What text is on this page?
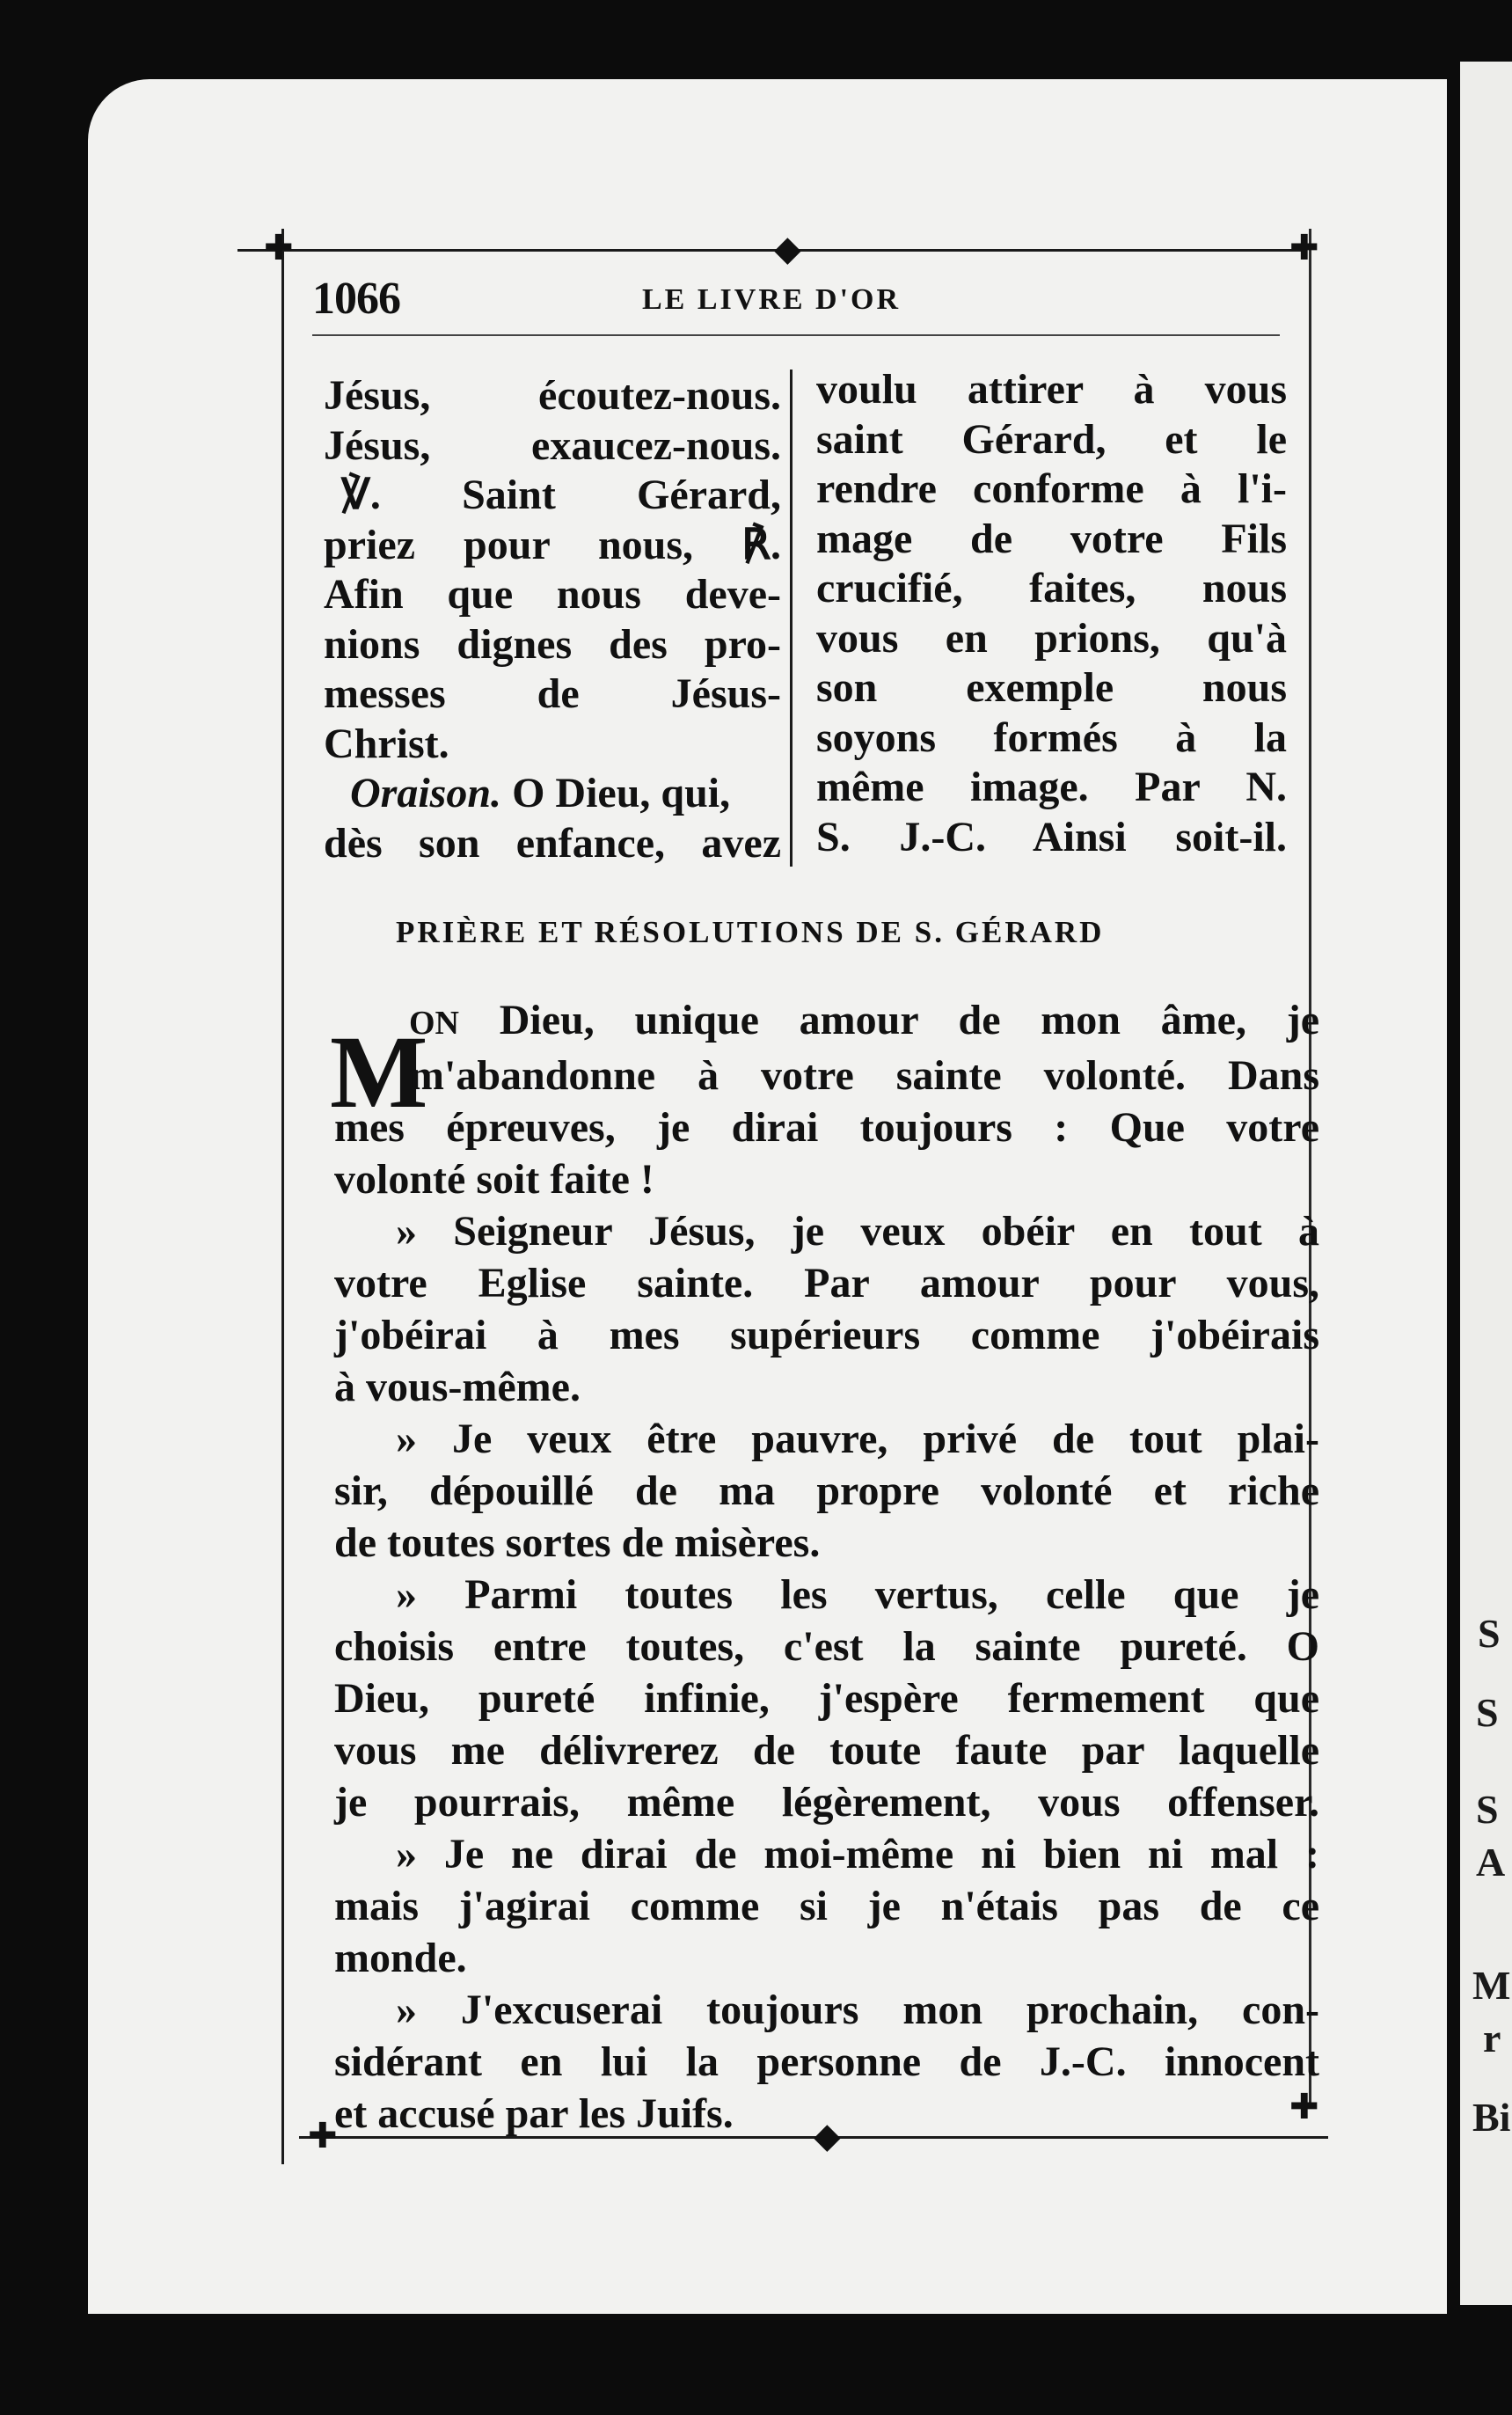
S
S
S
A
M
r
Bi
✚	✚
✚
✚
◆
◆
1066	LE LIVRE D'OR
Jésus, écoutez-nous.
Jésus, exaucez-nous.
℣. Saint Gérard,
priez pour nous, ℟.
Afin que nous deve-
nions dignes des pro-
messes de Jésus-
Christ.
Oraison. O Dieu, qui,
dès son enfance, avez
voulu attirer à vous
saint Gérard, et le
rendre conforme à l'i-
mage de votre Fils
crucifié, faites, nous
vous en prions, qu'à
son exemple nous
soyons formés à la
même image. Par N.
S. J.-C. Ainsi soit-il.
PRIÈRE ET RÉSOLUTIONS DE S. GÉRARD
M
ON Dieu, unique amour de mon âme, je
m'abandonne à votre sainte volonté. Dans
mes épreuves, je dirai toujours : Que votre
volonté soit faite !
» Seigneur Jésus, je veux obéir en tout à
votre Eglise sainte. Par amour pour vous,
j'obéirai à mes supérieurs comme j'obéirais
à vous-même.
» Je veux être pauvre, privé de tout plai-
sir, dépouillé de ma propre volonté et riche
de toutes sortes de misères.
» Parmi toutes les vertus, celle que je
choisis entre toutes, c'est la sainte pureté. O
Dieu, pureté infinie, j'espère fermement que
vous me délivrerez de toute faute par laquelle
je pourrais, même légèrement, vous offenser.
» Je ne dirai de moi-même ni bien ni mal :
mais j'agirai comme si je n'étais pas de ce
monde.
» J'excuserai toujours mon prochain, con-
sidérant en lui la personne de J.-C. innocent
et accusé par les Juifs.
